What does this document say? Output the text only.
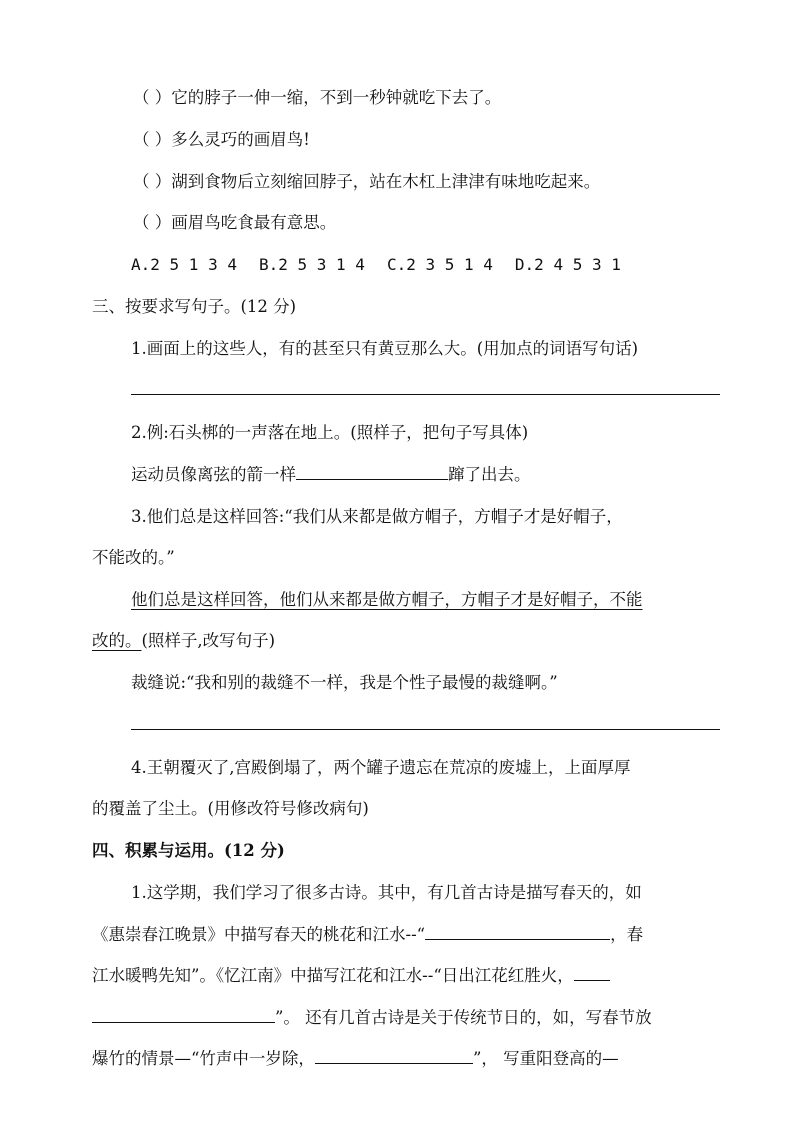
（ ）它的脖子一伸一缩，不到一秒钟就吃下去了。
（ ）多么灵巧的画眉鸟!
（ ）湖到食物后立刻缩回脖子，站在木杠上津津有味地吃起来。
（ ）画眉鸟吃食最有意思。
A.2 5 1 3 4 B.2 5 3 1 4 C.2 3 5 1 4 D.2 4 5 3 1
三、按要求写句子。(12 分)
1.画面上的这些人，有的甚至只有黄豆那么大。(用加点的词语写句话)
2.例:石头梆的一声落在地上。(照样子，把句子写具体)
运动员像离弦的箭一样	蹿了出去。
3.他们总是这样回答:“我们从来都是做方帽子，方帽子才是好帽子，
不能改的。”
他们总是这样回答，他们从来都是做方帽子，方帽子才是好帽子，不能
改的。(照样子,改写句子)
裁缝说:“我和别的裁缝不一样，我是个性子最慢的裁缝啊。”
4.王朝覆灭了,宫殿倒塌了，两个罐子遗忘在荒凉的废墟上，上面厚厚
的覆盖了尘土。(用修改符号修改病句)
四、积累与运用。(12 分)
1.这学期，我们学习了很多古诗。其中，有几首古诗是描写春天的，如
《惠崇春江晚景》中描写春天的桃花和江水--“	，春
江水暖鸭先知”。《忆江南》中描写江花和江水--“日出江花红胜火，
”。 还有几首古诗是关于传统节日的，如，写春节放
爆竹的情景—“竹声中一岁除，	”， 写重阳登高的—
